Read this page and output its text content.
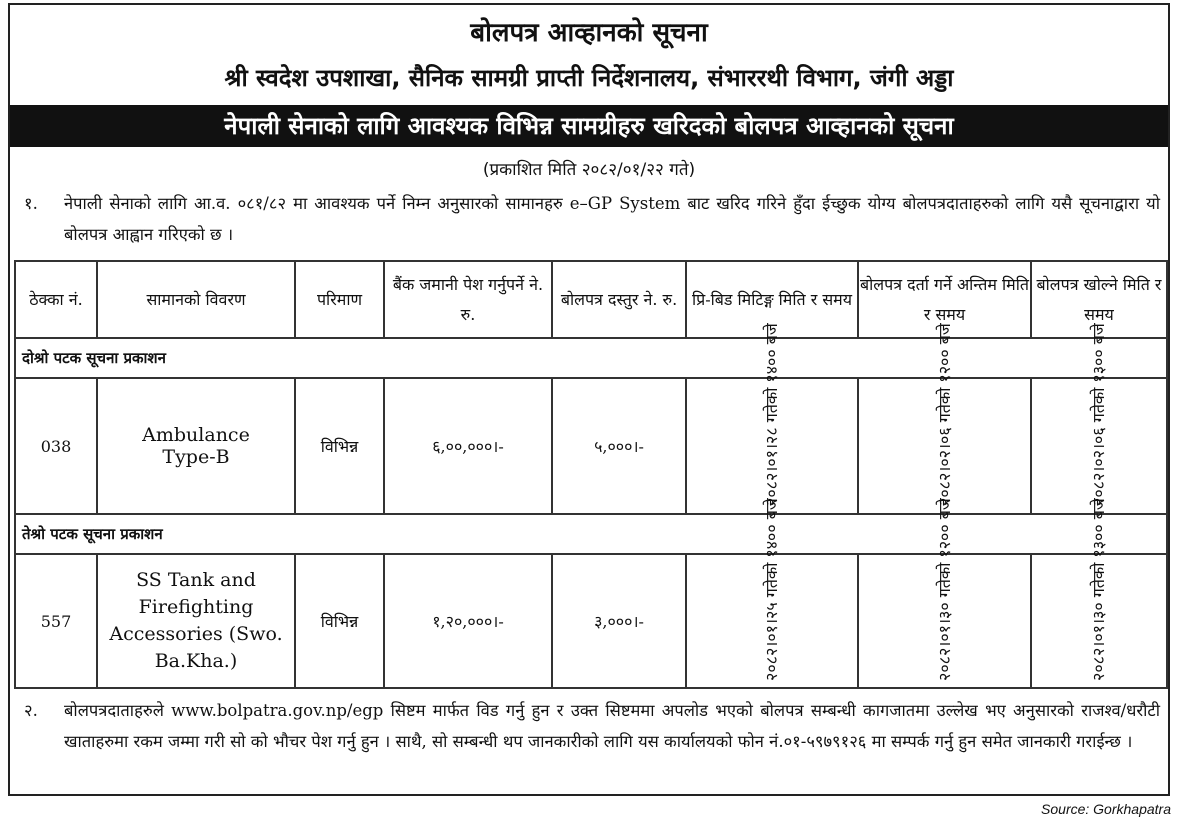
बोलपत्र आव्हानको सूचना
श्री स्वदेश उपशाखा, सैनिक सामग्री प्राप्ती निर्देशनालय, संभाररथी विभाग, जंगी अड्डा
नेपाली सेनाको लागि आवश्यक विभिन्न सामग्रीहरु खरिदको बोलपत्र आव्हानको सूचना
(प्रकाशित मिति २०८२/०१/२२ गते)
१. नेपाली सेनाको लागि आ.व. ०८१/८२ मा आवश्यक पर्ने निम्न अनुसारको सामानहरु e–GP System बाट खरिद गरिने हुँदा ईच्छुक योग्य बोलपत्रदाताहरुको लागि यसै सूचनाद्वारा यो बोलपत्र आह्वान गरिएको छ ।
ठेक्का नं.	सामानको विवरण	परिमाण	बैंक जमानी पेश गर्नुपर्ने ने. रु.	बोलपत्र दस्तुर ने. रु.	प्रि-बिड मिटिङ्ग मिति र समय	बोलपत्र दर्ता गर्ने अन्तिम मिति र समय	बोलपत्र खोल्ने मिति र समय
दोश्रो पटक सूचना प्रकाशन							
038	Ambulance Type-B	विभिन्न	६,००,०००।-	५,०००।-	२०८२।०१।२८ गतेको १४०० बजे	२०८२।०२।०६ गतेको १२०० बजे	२०८२।०२।०६ गतेको १३०० बजे
तेश्रो पटक सूचना प्रकाशन							
557	SS Tank and Firefighting Accessories (Swo. Ba.Kha.)	विभिन्न	१,२०,०००।-	३,०००।-	२०८२।०१।२५ गतेको १४०० बजे	२०८२।०१।३० गतेको १२०० बजे	२०८२।०१।३० गतेको १३०० बजे
२. बोलपत्रदाताहरुले www.bolpatra.gov.np/egp सिष्टम मार्फत विड गर्नु हुन र उक्त सिष्टममा अपलोड भएको बोलपत्र सम्बन्धी कागजातमा उल्लेख भए अनुसारको राजश्व/धरौटी खाताहरुमा रकम जम्मा गरी सो को भौचर पेश गर्नु हुन । साथै, सो सम्बन्धी थप जानकारीको लागि यस कार्यालयको फोन नं.०१-५९७९१२६ मा सम्पर्क गर्नु हुन समेत जानकारी गराईन्छ ।
Source: Gorkhapatra
